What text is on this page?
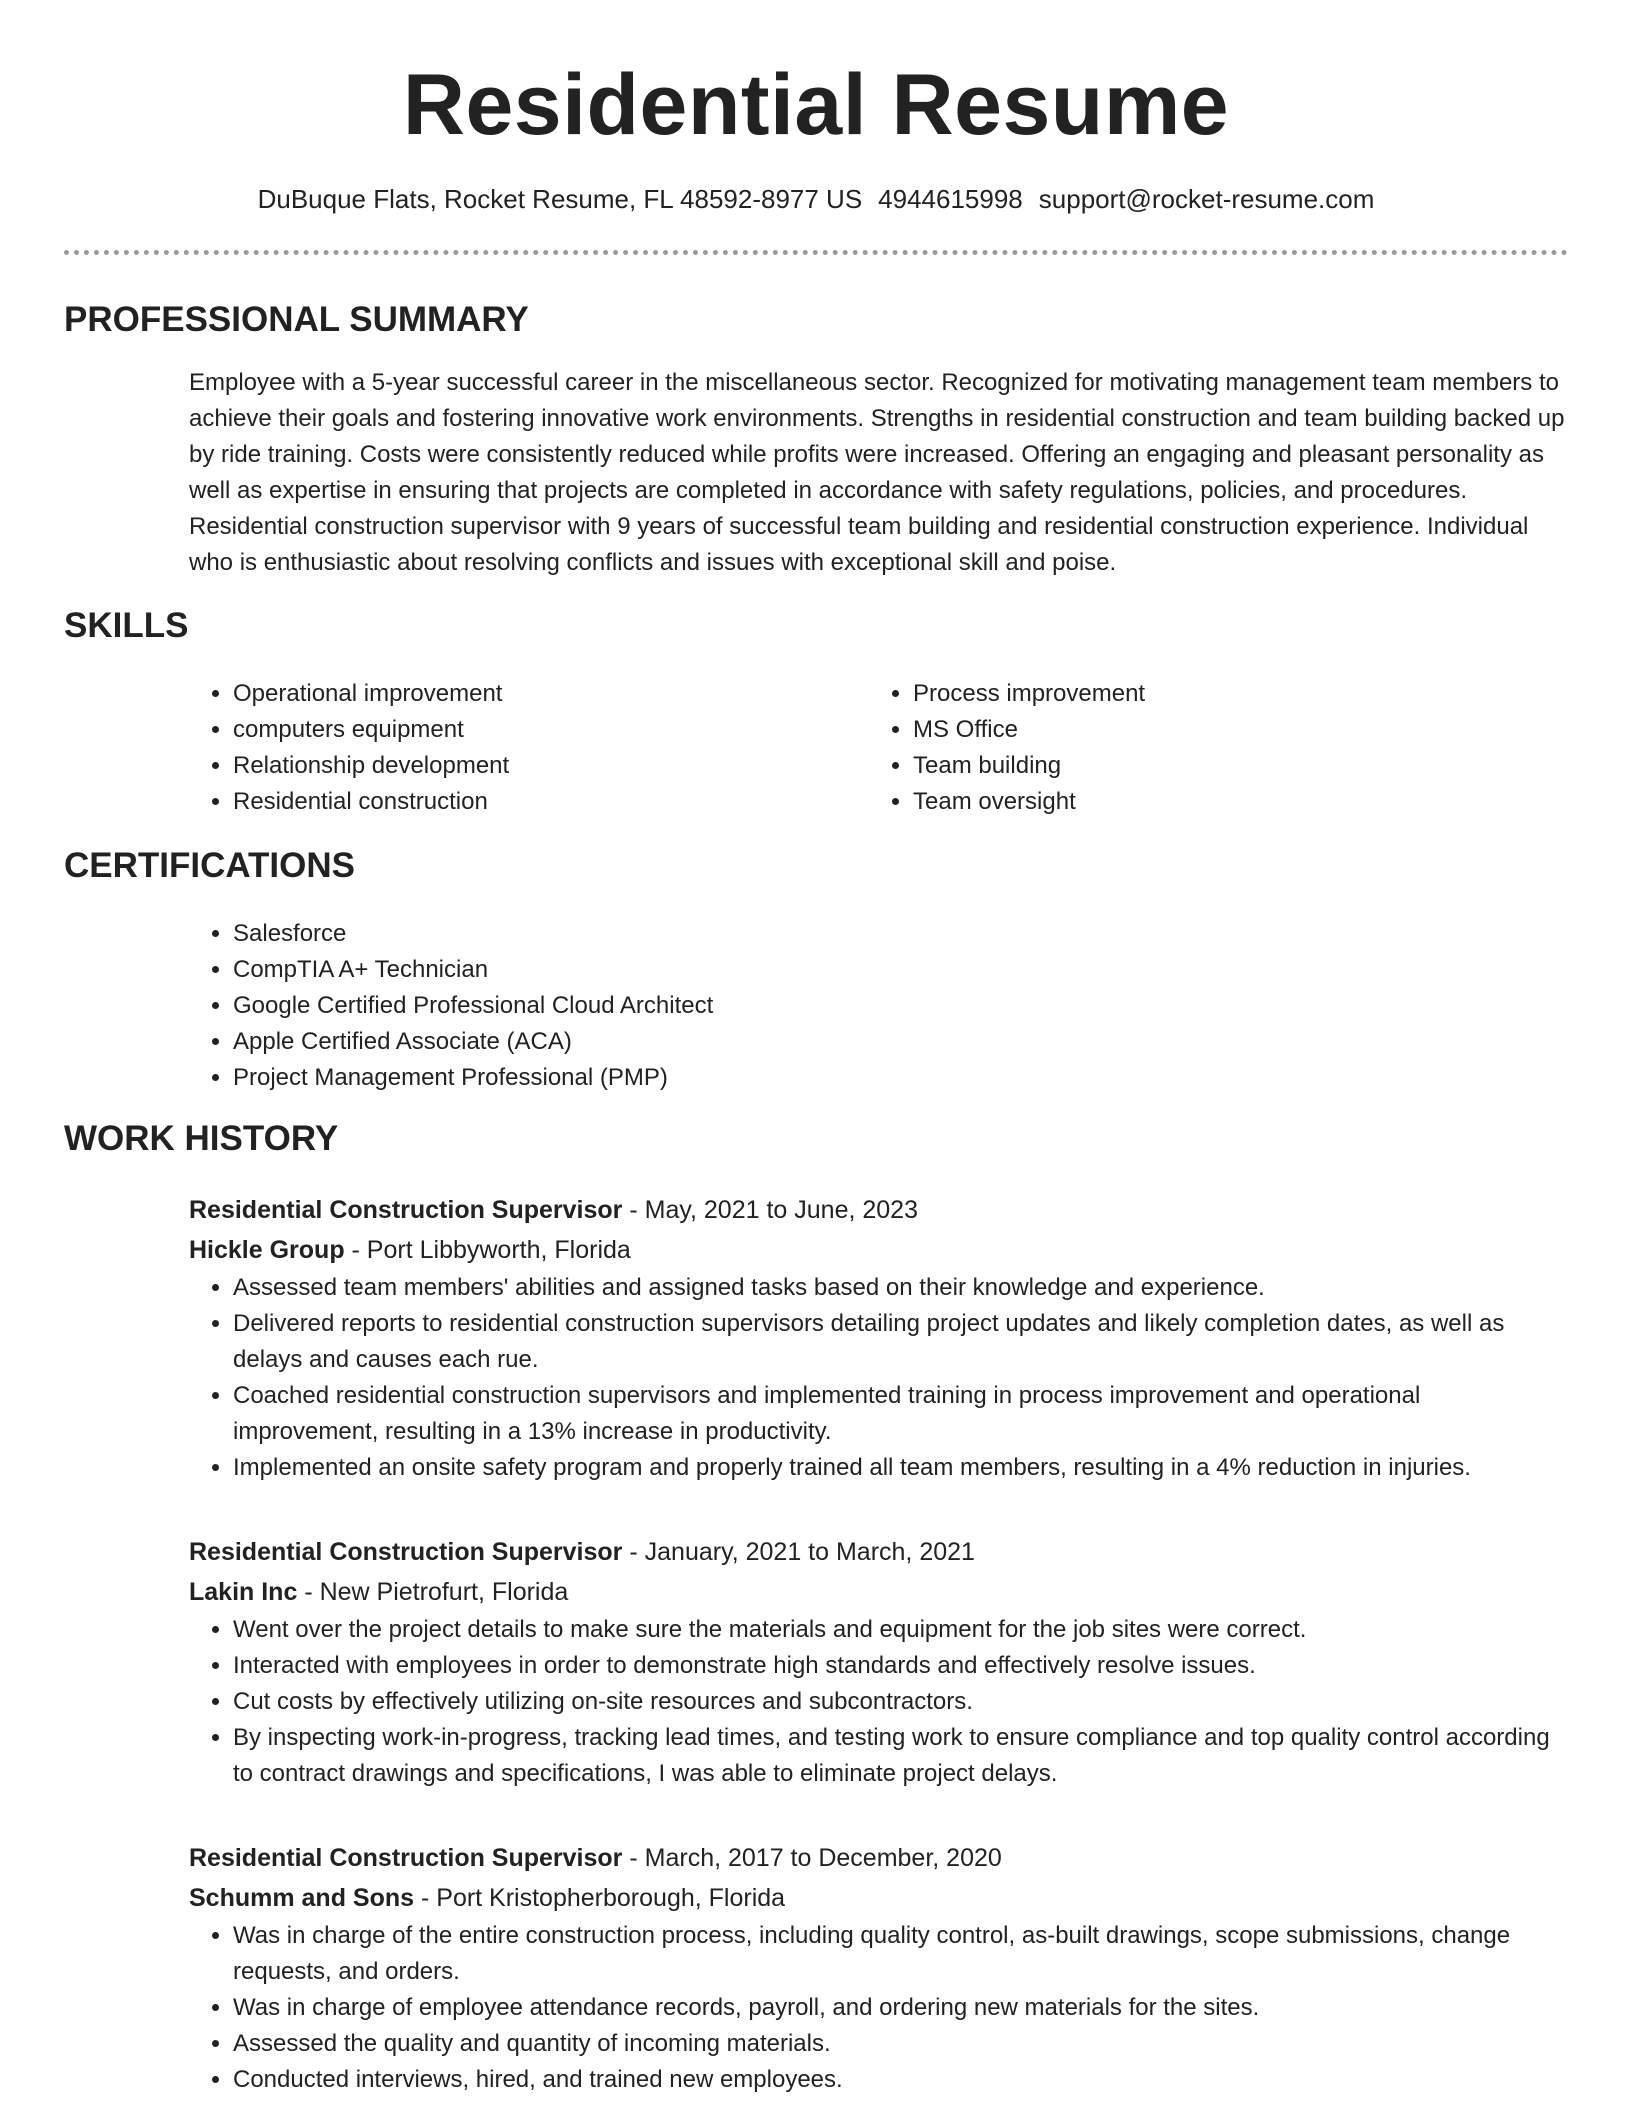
Residential Resume
DuBuque Flats, Rocket Resume, FL 48592-8977 US 4944615998 support@rocket-resume.com
PROFESSIONAL SUMMARY

Employee with a 5-year successful career in the miscellaneous sector. Recognized for motivating management team members to achieve their goals and fostering innovative work environments. Strengths in residential construction and team building backed up by ride training. Costs were consistently reduced while profits were increased. Offering an engaging and pleasant personality as well as expertise in ensuring that projects are completed in accordance with safety regulations, policies, and procedures. Residential construction supervisor with 9 years of successful team building and residential construction experience. Individual who is enthusiastic about resolving conflicts and issues with exceptional skill and poise.

SKILLS
• Operational improvement
• computers equipment
• Relationship development
• Residential construction
• Process improvement
• MS Office
• Team building
• Team oversight
CERTIFICATIONS
• Salesforce
• CompTIA A+ Technician
• Google Certified Professional Cloud Architect
• Apple Certified Associate (ACA)
• Project Management Professional (PMP)
WORK HISTORY

Residential Construction Supervisor - May, 2021 to June, 2023

Hickle Group - Port Libbyworth, Florida

• Assessed team members' abilities and assigned tasks based on their knowledge and experience.
• Delivered reports to residential construction supervisors detailing project updates and likely completion dates, as well as delays and causes each rue.
• Coached residential construction supervisors and implemented training in process improvement and operational improvement, resulting in a 13% increase in productivity.
• Implemented an onsite safety program and properly trained all team members, resulting in a 4% reduction in injuries.

Residential Construction Supervisor - January, 2021 to March, 2021

Lakin Inc - New Pietrofurt, Florida

• Went over the project details to make sure the materials and equipment for the job sites were correct.
• Interacted with employees in order to demonstrate high standards and effectively resolve issues.
• Cut costs by effectively utilizing on-site resources and subcontractors.
• By inspecting work-in-progress, tracking lead times, and testing work to ensure compliance and top quality control according to contract drawings and specifications, I was able to eliminate project delays.

Residential Construction Supervisor - March, 2017 to December, 2020

Schumm and Sons - Port Kristopherborough, Florida

• Was in charge of the entire construction process, including quality control, as-built drawings, scope submissions, change requests, and orders.
• Was in charge of employee attendance records, payroll, and ordering new materials for the sites.
• Assessed the quality and quantity of incoming materials.
• Conducted interviews, hired, and trained new employees.
